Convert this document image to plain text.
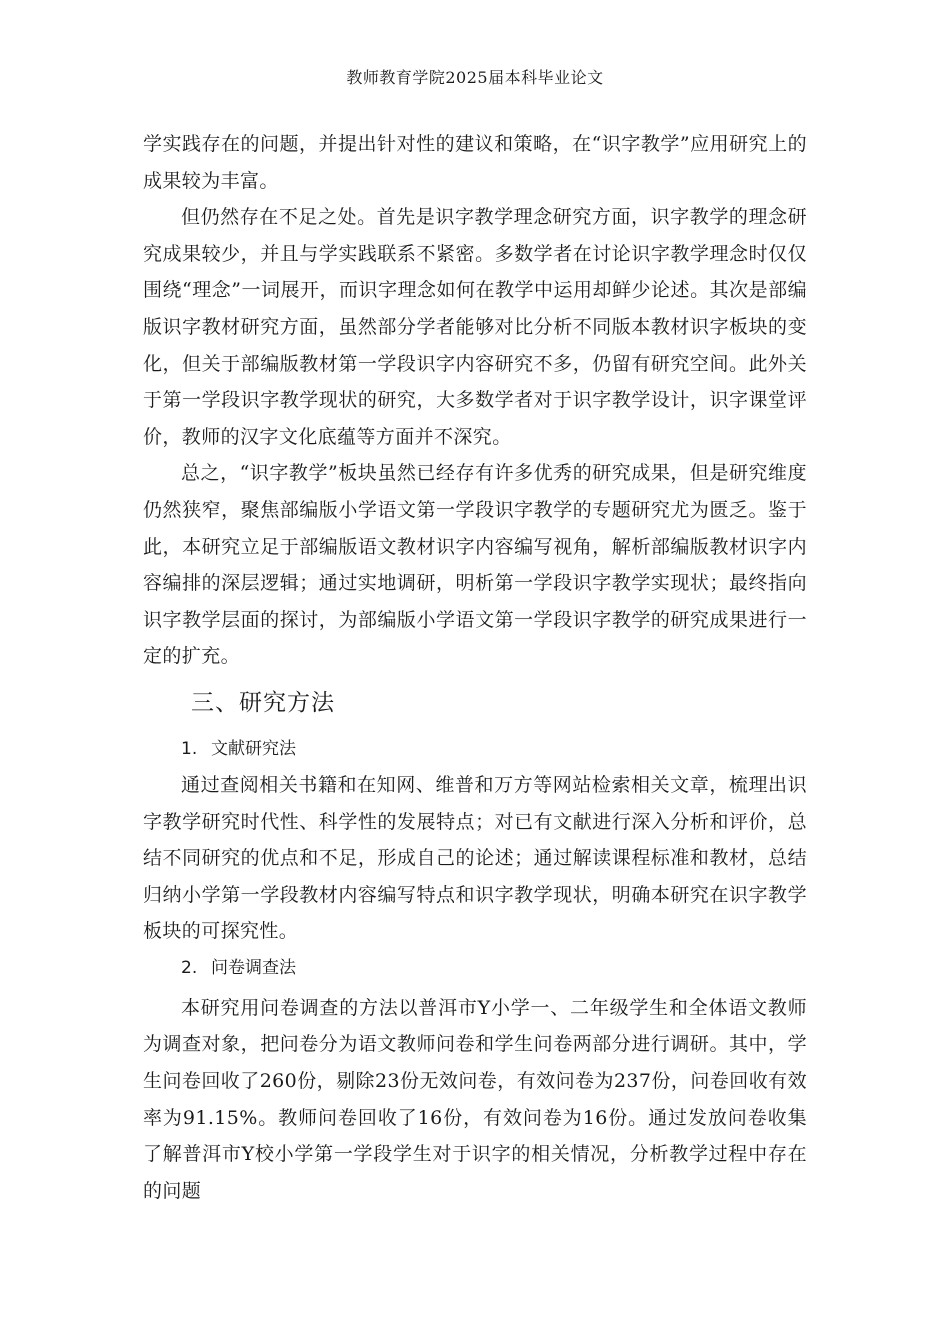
教师教育学院2025届本科毕业论文

学实践存在的问题，并提出针对性的建议和策略，在“识字教学”应用研究上的成果较为丰富。

但仍然存在不足之处。首先是识字教学理念研究方面，识字教学的理念研究成果较少，并且与学实践联系不紧密。多数学者在讨论识字教学理念时仅仅围绕“理念”一词展开，而识字理念如何在教学中运用却鲜少论述。其次是部编版识字教材研究方面，虽然部分学者能够对比分析不同版本教材识字板块的变化，但关于部编版教材第一学段识字内容研究不多，仍留有研究空间。此外关于第一学段识字教学现状的研究，大多数学者对于识字教学设计，识字课堂评价，教师的汉字文化底蕴等方面并不深究。

总之，“识字教学”板块虽然已经存有许多优秀的研究成果，但是研究维度仍然狭窄，聚焦部编版小学语文第一学段识字教学的专题研究尤为匮乏。鉴于此，本研究立足于部编版语文教材识字内容编写视角，解析部编版教材识字内容编排的深层逻辑；通过实地调研，明析第一学段识字教学实现状；最终指向识字教学层面的探讨，为部编版小学语文第一学段识字教学的研究成果进行一定的扩充。

三、研究方法
1. 文献研究法

通过查阅相关书籍和在知网、维普和万方等网站检索相关文章，梳理出识字教学研究时代性、科学性的发展特点；对已有文献进行深入分析和评价，总结不同研究的优点和不足，形成自己的论述；通过解读课程标准和教材，总结归纳小学第一学段教材内容编写特点和识字教学现状，明确本研究在识字教学板块的可探究性。

2. 问卷调查法

本研究用问卷调查的方法以普洱市Y小学一、二年级学生和全体语文教师为调查对象，把问卷分为语文教师问卷和学生问卷两部分进行调研。其中，学生问卷回收了260份，剔除23份无效问卷，有效问卷为237份，问卷回收有效率为91.15%。教师问卷回收了16份，有效问卷为16份。通过发放问卷收集了解普洱市Y校小学第一学段学生对于识字的相关情况，分析教学过程中存在的问题
